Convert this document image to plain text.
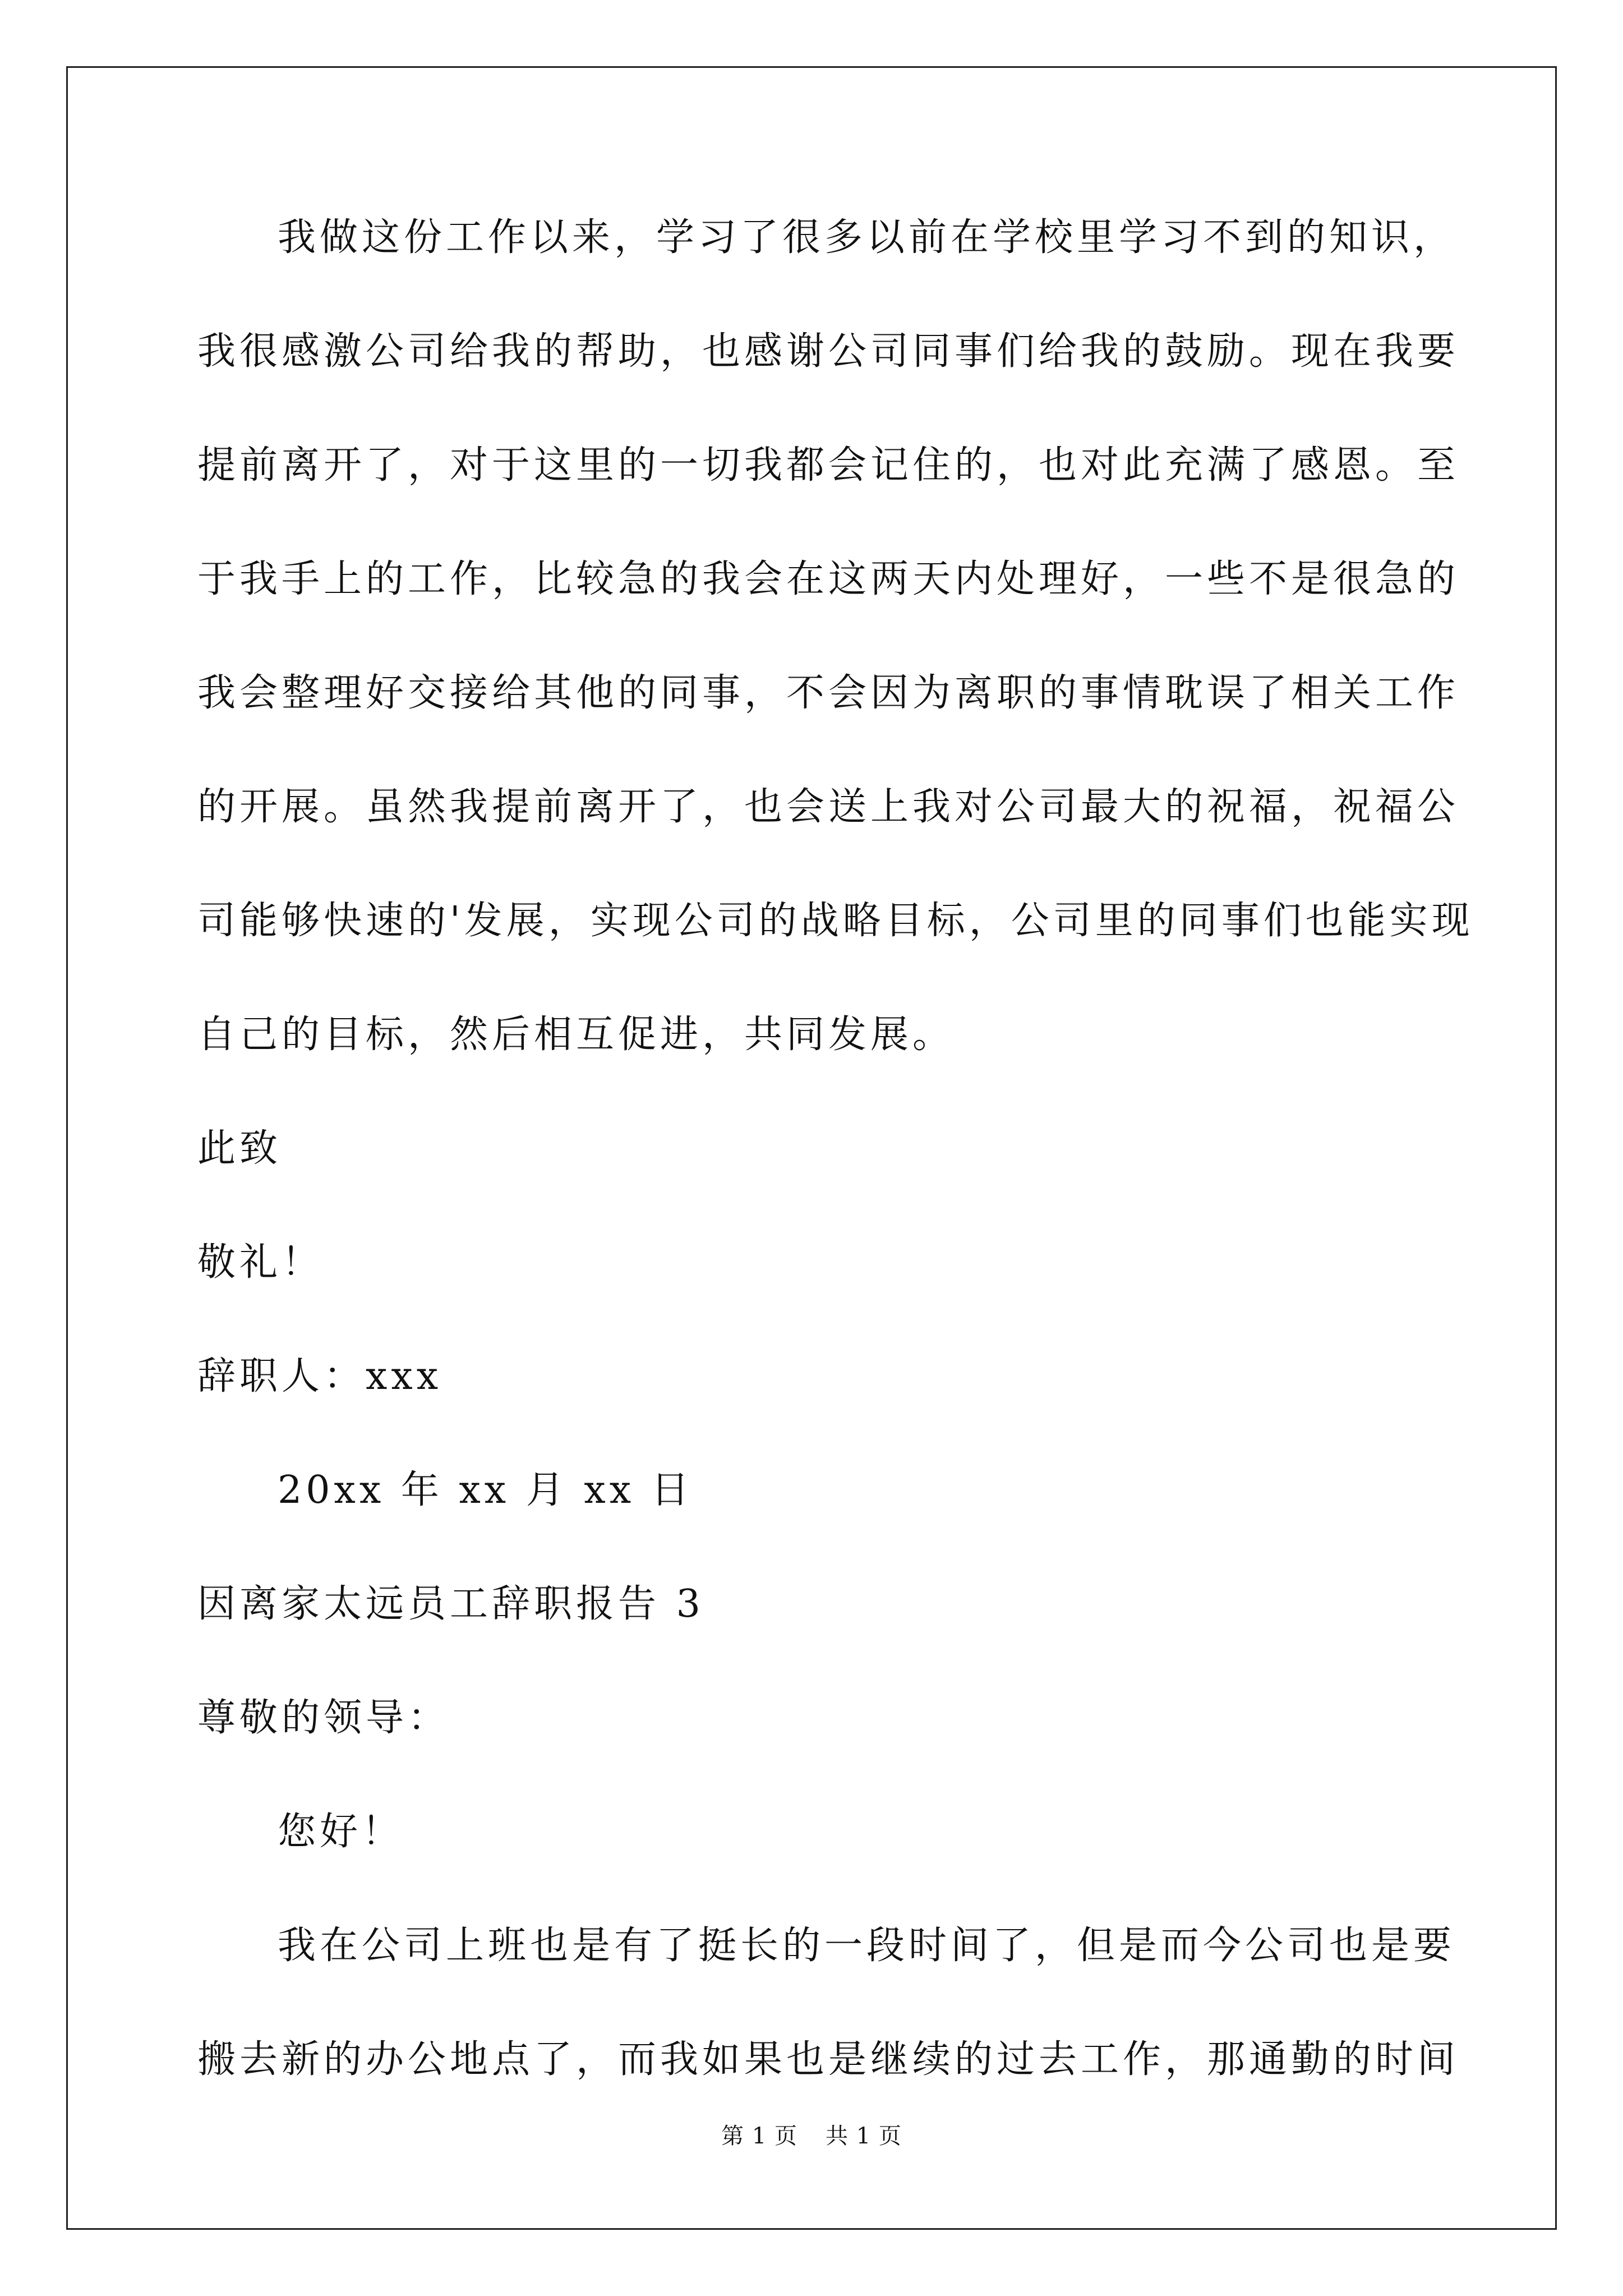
我做这份工作以来，学习了很多以前在学校里学习不到的知识，
我很感激公司给我的帮助，也感谢公司同事们给我的鼓励。现在我要
提前离开了，对于这里的一切我都会记住的，也对此充满了感恩。至
于我手上的工作，比较急的我会在这两天内处理好，一些不是很急的
我会整理好交接给其他的同事，不会因为离职的事情耽误了相关工作
的开展。虽然我提前离开了，也会送上我对公司最大的祝福，祝福公
司能够快速的'发展，实现公司的战略目标，公司里的同事们也能实现
自己的目标，然后相互促进，共同发展。
此致
敬礼！
辞职人：xxx
20xx 年 xx 月 xx 日
因离家太远员工辞职报告 3
尊敬的领导：
您好！
我在公司上班也是有了挺长的一段时间了，但是而今公司也是要
搬去新的办公地点了，而我如果也是继续的过去工作，那通勤的时间
第 1 页 共 1 页
